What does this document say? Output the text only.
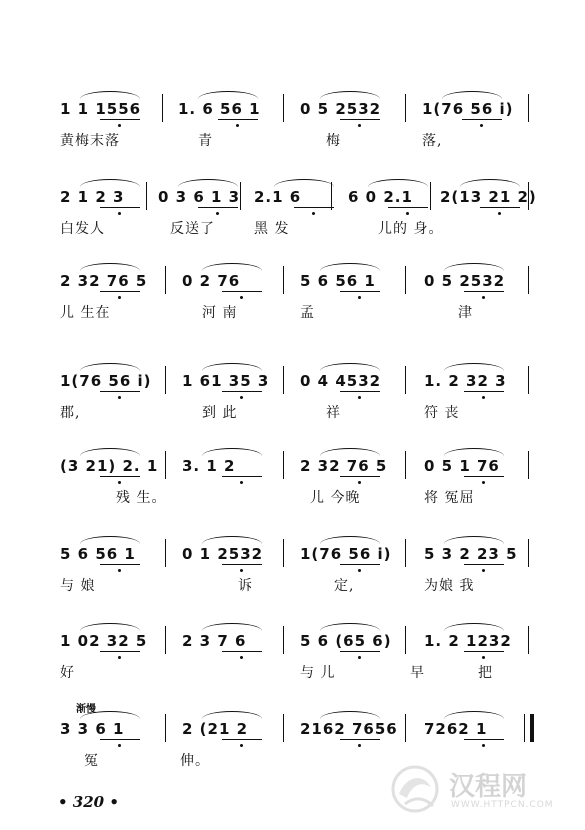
1 1 1556 1. 6 56 1	0 5 2532	1(76 56 i)
黄梅末落	青	梅	落,
2 1 2 3 0 3 6 1 3 2.1 6	6 0 2.1 2(13 21 2)
白发人	反送了	黑 发	儿的 身。
2 32 76 5 0 2 76	5 6 56 1	0 5 2532
儿 生在	河 南	孟	津
1(76 56 i) 1 61 35 3 0 4 4532	1. 2 32 3
郡,	到 此	祥	符 丧
(3 21) 2. 1 3. 1 2	2 32 76 5 0 5 1 76
残 生。	儿 今晚	将 冤屈
5 6 56 1	0 1 2532 1(76 56 i) 5 3 2 23 5
与 娘	诉	定,	为娘 我
1 02 32 5 2 3 7 6	5 6 (65 6) 1. 2 1232
好	与 儿	早	把
3 3 6 1	2 (21 2	2162 7656 7262 1
冤	伸。
渐慢
• 320 •	汉程网
WWW.HTTPCN.COM
